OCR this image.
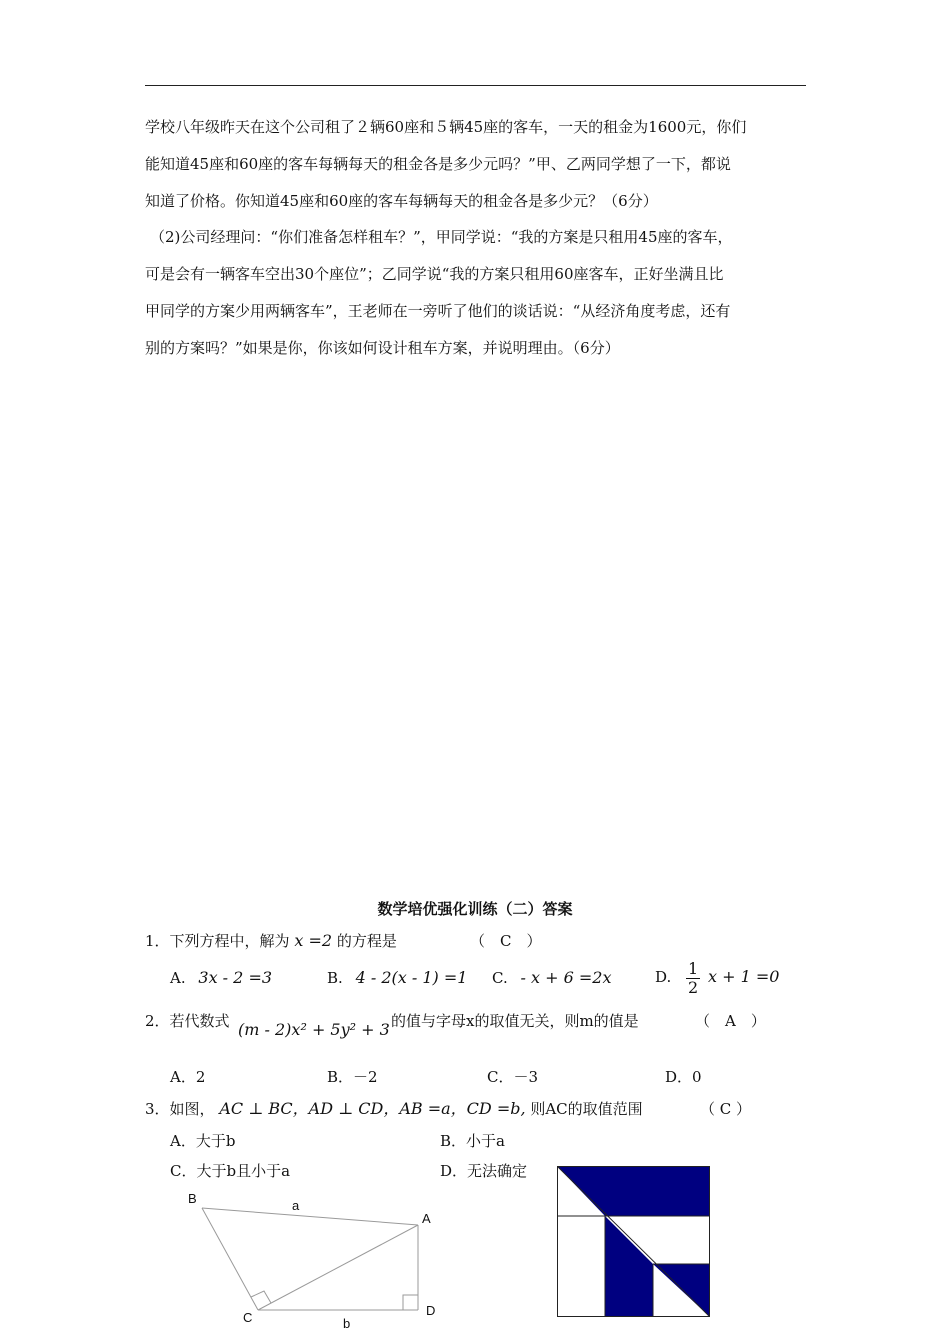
学校八年级昨天在这个公司租了２辆60座和５辆45座的客车，一天的租金为1600元，你们
能知道45座和60座的客车每辆每天的租金各是多少元吗？”甲、乙两同学想了一下，都说
知道了价格。你知道45座和60座的客车每辆每天的租金各是多少元？（6分）
（2)公司经理问：“你们准备怎样租车？”，甲同学说：“我的方案是只租用45座的客车，
可是会有一辆客车空出30个座位”；乙同学说“我的方案只租用60座客车，正好坐满且比
甲同学的方案少用两辆客车”，王老师在一旁听了他们的谈话说：“从经济角度考虑，还有
别的方案吗？”如果是你，你该如何设计租车方案，并说明理由。（6分）
数学培优强化训练（二）答案
1．下列方程中，解为 x =2 的方程是	（　C　）
A. 3x - 2 =3	B. 4 - 2(x - 1) =1 C. - x + 6 =2x	D. $\frac{1}{2}$ x + 1 =0
2．若代数式 (m - 2)x² + 5y² + 3 的值与字母x的取值无关，则m的值是	（　A　）
A．2	B．－2	C．－3	D．0
3．如图， AC ⊥ BC，AD ⊥ CD，AB =a，CD =b, 则AC的取值范围	（ C ）
A．大于b	B．小于a
C．大于b且小于a	D．无法确定
B	a
A
C	D
b
